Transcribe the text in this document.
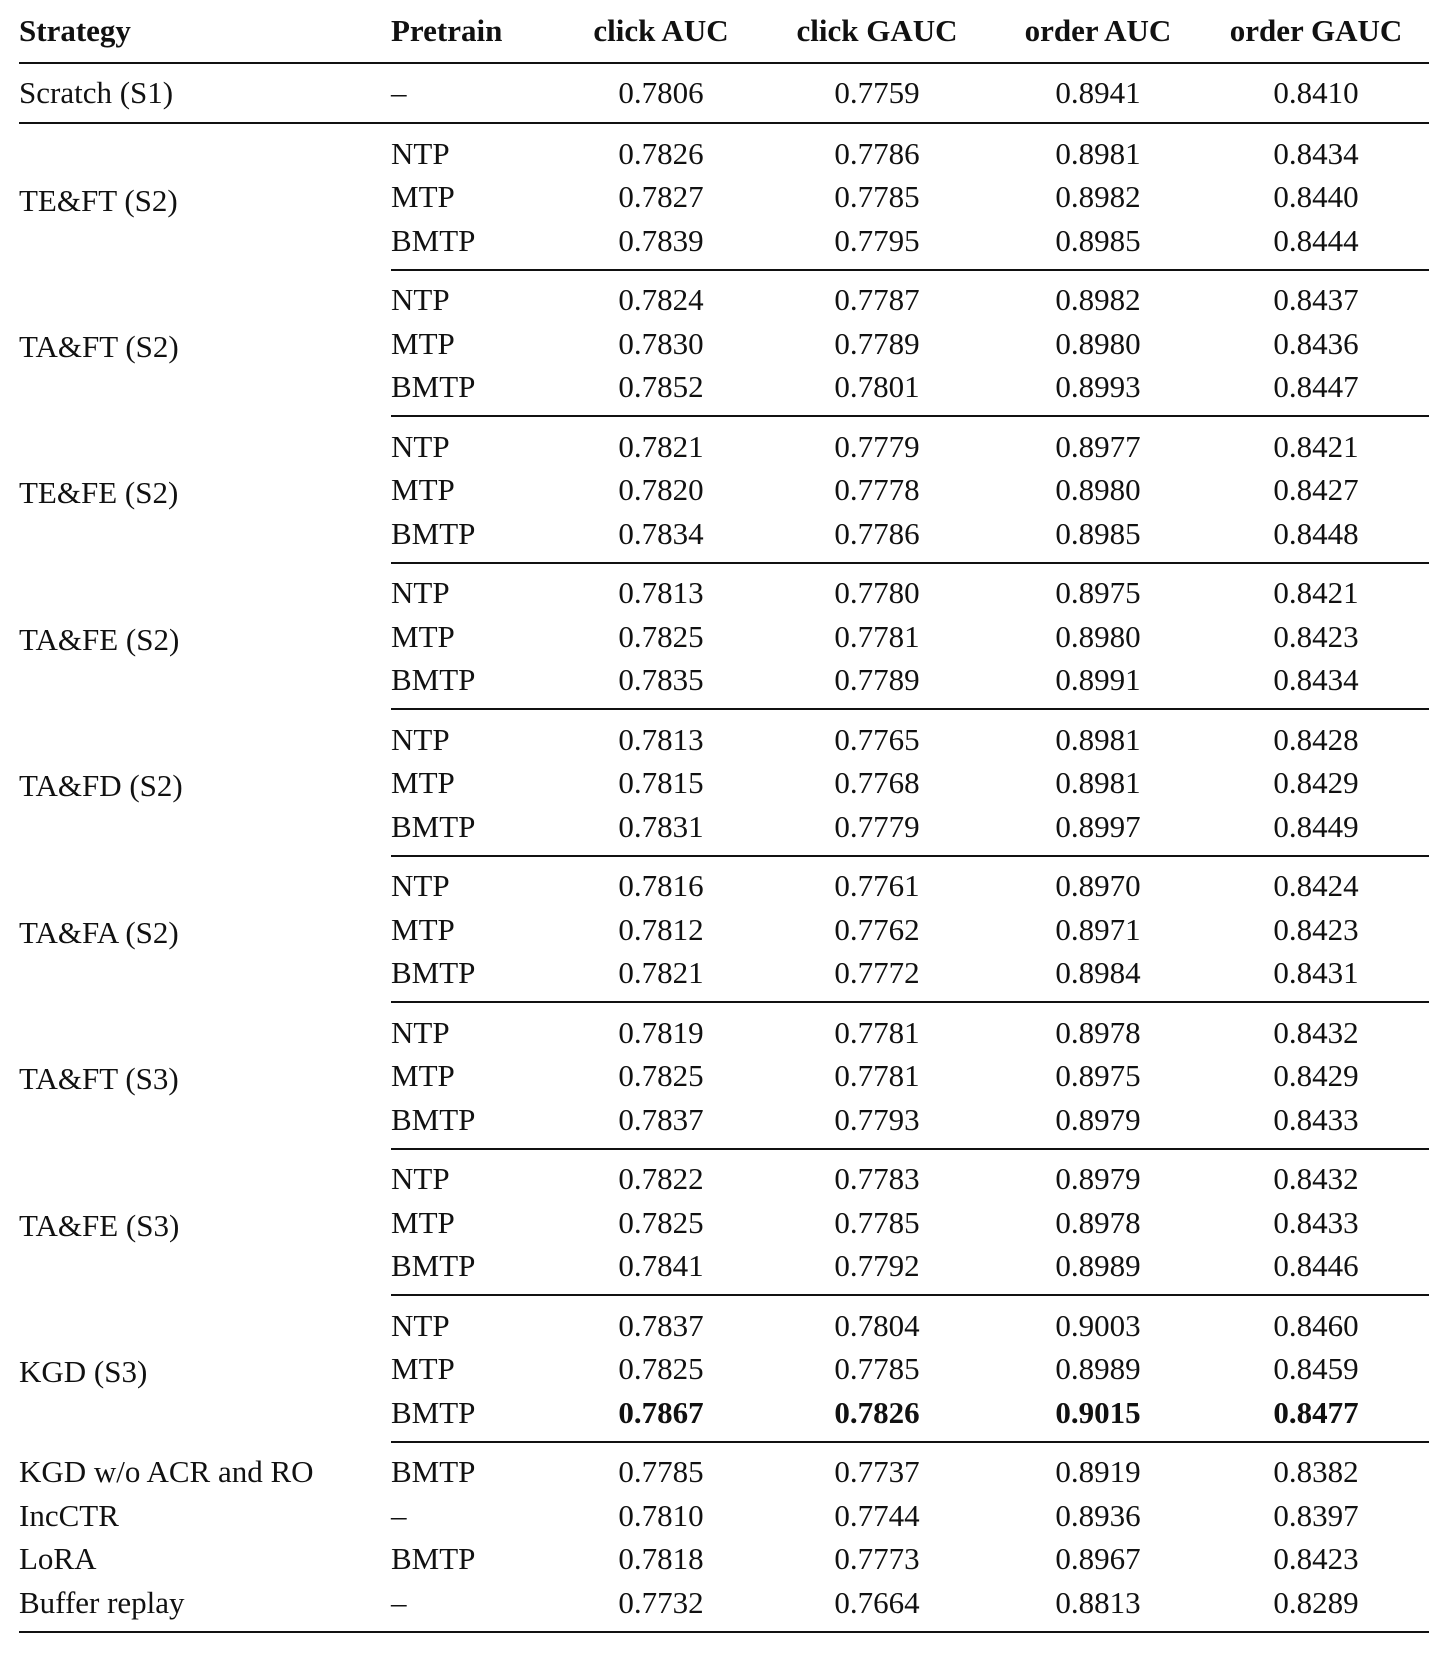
Strategy	Pretrain	click AUC	click GAUC	order AUC	order GAUC
Scratch (S1)	–	0.7806	0.7759	0.8941	0.8410
TE&FT (S2)	NTP	0.7826	0.7786	0.8981	0.8434
	MTP	0.7827	0.7785	0.8982	0.8440
	BMTP	0.7839	0.7795	0.8985	0.8444
TA&FT (S2)	NTP	0.7824	0.7787	0.8982	0.8437
	MTP	0.7830	0.7789	0.8980	0.8436
	BMTP	0.7852	0.7801	0.8993	0.8447
TE&FE (S2)	NTP	0.7821	0.7779	0.8977	0.8421
	MTP	0.7820	0.7778	0.8980	0.8427
	BMTP	0.7834	0.7786	0.8985	0.8448
TA&FE (S2)	NTP	0.7813	0.7780	0.8975	0.8421
	MTP	0.7825	0.7781	0.8980	0.8423
	BMTP	0.7835	0.7789	0.8991	0.8434
TA&FD (S2)	NTP	0.7813	0.7765	0.8981	0.8428
	MTP	0.7815	0.7768	0.8981	0.8429
	BMTP	0.7831	0.7779	0.8997	0.8449
TA&FA (S2)	NTP	0.7816	0.7761	0.8970	0.8424
	MTP	0.7812	0.7762	0.8971	0.8423
	BMTP	0.7821	0.7772	0.8984	0.8431
TA&FT (S3)	NTP	0.7819	0.7781	0.8978	0.8432
	MTP	0.7825	0.7781	0.8975	0.8429
	BMTP	0.7837	0.7793	0.8979	0.8433
TA&FE (S3)	NTP	0.7822	0.7783	0.8979	0.8432
	MTP	0.7825	0.7785	0.8978	0.8433
	BMTP	0.7841	0.7792	0.8989	0.8446
KGD (S3)	NTP	0.7837	0.7804	0.9003	0.8460
	MTP	0.7825	0.7785	0.8989	0.8459
	BMTP	0.7867	0.7826	0.9015	0.8477
KGD w/o ACR and RO	BMTP	0.7785	0.7737	0.8919	0.8382
IncCTR	–	0.7810	0.7744	0.8936	0.8397
LoRA	BMTP	0.7818	0.7773	0.8967	0.8423
Buffer replay	–	0.7732	0.7664	0.8813	0.8289
